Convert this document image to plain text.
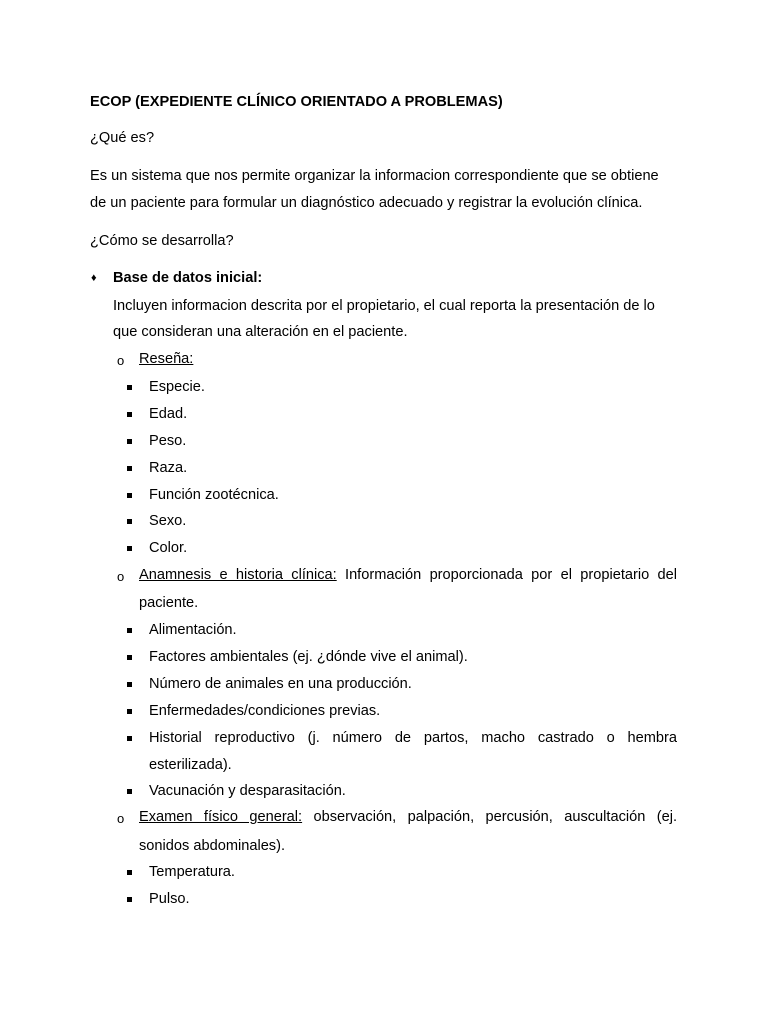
ECOP (EXPEDIENTE CLÍNICO ORIENTADO A PROBLEMAS)
¿Qué es?
Es un sistema que nos permite organizar la informacion correspondiente que se obtiene
de un paciente para formular un diagnóstico adecuado y registrar la evolución clínica.
¿Cómo se desarrolla?
♦ Base de datos inicial:
Incluyen informacion descrita por el propietario, el cual reporta la presentación de lo
que consideran una alteración en el paciente.
o Reseña:
Especie.
Edad.
Peso.
Raza.
Función zootécnica.
Sexo.
Color.
o Anamnesis e historia clínica: Información proporcionada por el propietario del
paciente.
Alimentación.
Factores ambientales (ej. ¿dónde vive el animal).
Número de animales en una producción.
Enfermedades/condiciones previas.
Historial reproductivo (j. número de partos, macho castrado o hembra
esterilizada).
Vacunación y desparasitación.
o Examen físico general: observación, palpación, percusión, auscultación (ej.
sonidos abdominales).
Temperatura.
Pulso.
